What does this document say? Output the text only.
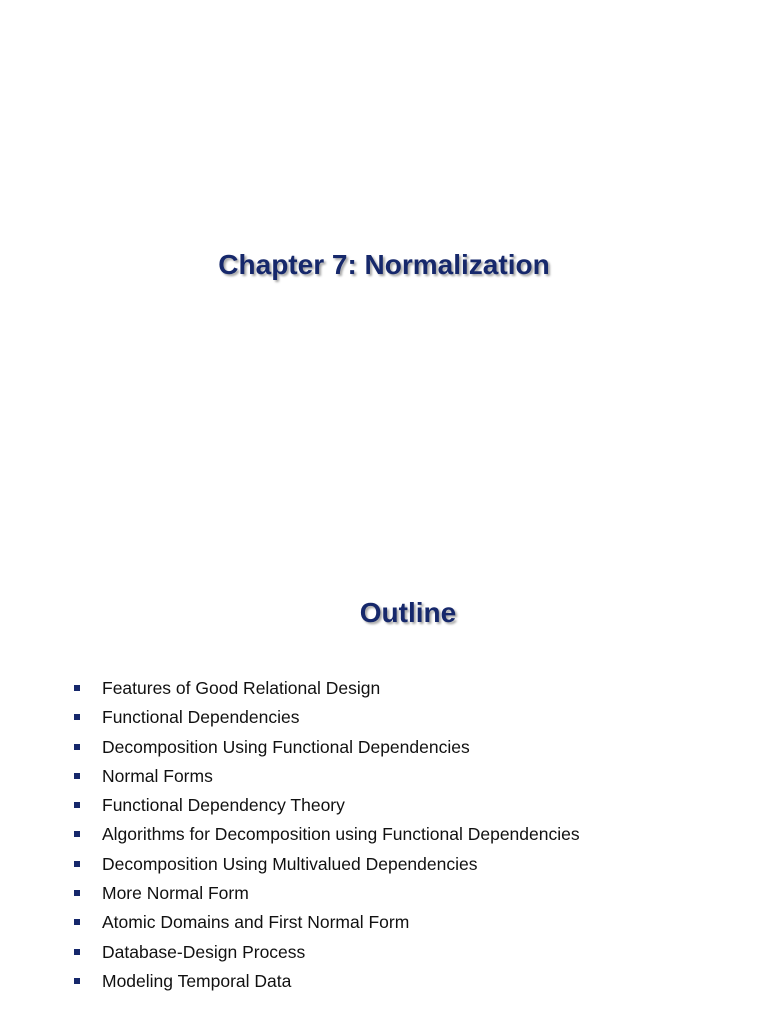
Chapter 7: Normalization
Outline
Features of Good Relational Design
Functional Dependencies
Decomposition Using Functional Dependencies
Normal Forms
Functional Dependency Theory
Algorithms for Decomposition using Functional Dependencies
Decomposition Using Multivalued Dependencies
More Normal Form
Atomic Domains and First Normal Form
Database-Design Process
Modeling Temporal Data
